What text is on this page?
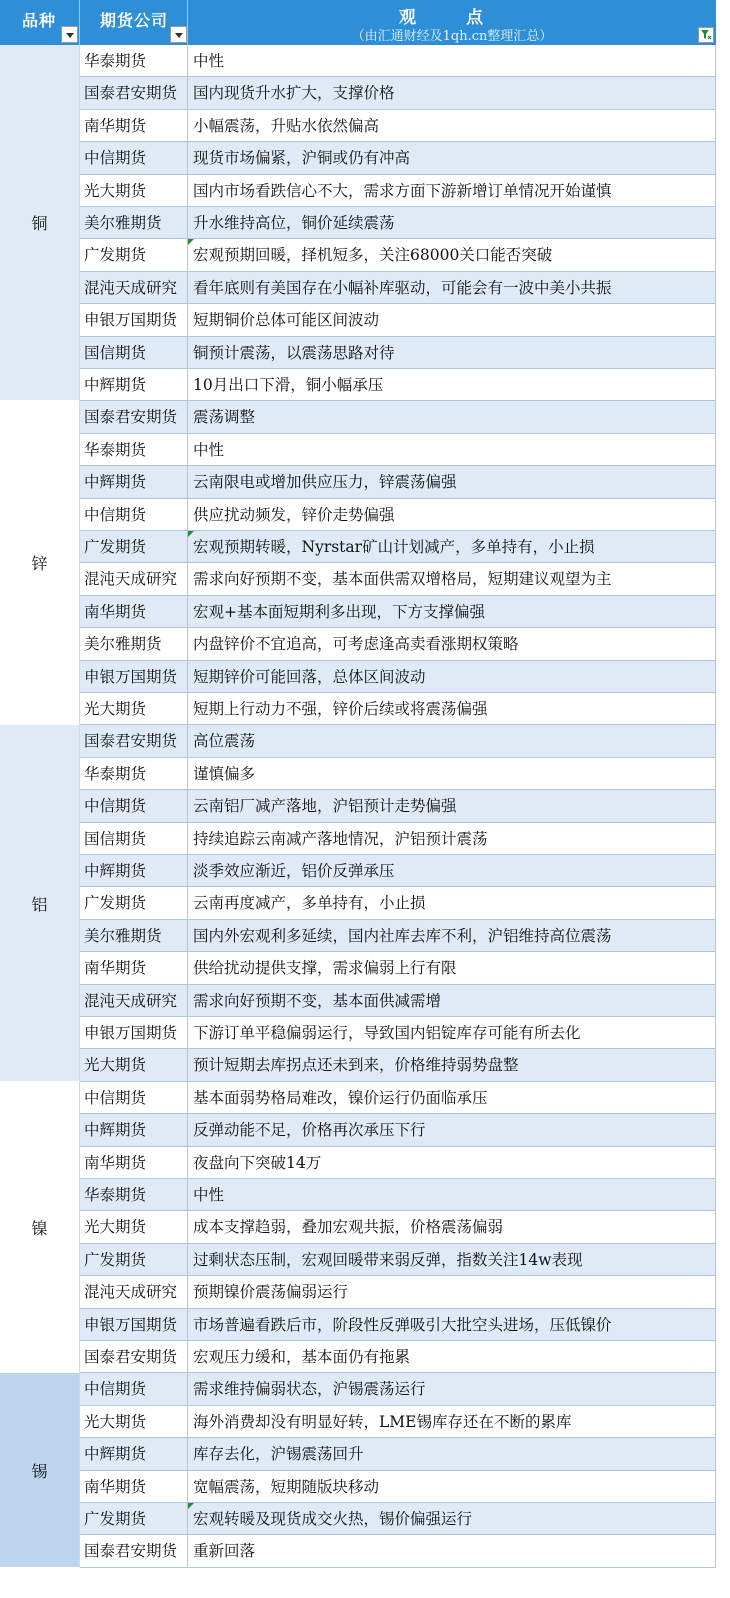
品种	期货公司	观 点
（由汇通财经及1qh.cn整理汇总）
铜
华泰期货	中性
国泰君安期货	国内现货升水扩大，支撑价格
南华期货	小幅震荡，升贴水依然偏高
中信期货	现货市场偏紧，沪铜或仍有冲高
光大期货	国内市场看跌信心不大，需求方面下游新增订单情况开始谨慎
美尔雅期货	升水维持高位，铜价延续震荡
广发期货	宏观预期回暖，择机短多，关注68000关口能否突破
混沌天成研究	看年底则有美国存在小幅补库驱动，可能会有一波中美小共振
申银万国期货	短期铜价总体可能区间波动
国信期货	铜预计震荡，以震荡思路对待
中辉期货	10月出口下滑，铜小幅承压
锌
国泰君安期货	震荡调整
华泰期货	中性
中辉期货	云南限电或增加供应压力，锌震荡偏强
中信期货	供应扰动频发，锌价走势偏强
广发期货	宏观预期转暖，Nyrstar矿山计划减产，多单持有，小止损
混沌天成研究	需求向好预期不变，基本面供需双增格局，短期建议观望为主
南华期货	宏观+基本面短期利多出现，下方支撑偏强
美尔雅期货	内盘锌价不宜追高，可考虑逢高卖看涨期权策略
申银万国期货	短期锌价可能回落，总体区间波动
光大期货	短期上行动力不强，锌价后续或将震荡偏强
铝
国泰君安期货	高位震荡
华泰期货	谨慎偏多
中信期货	云南铝厂减产落地，沪铝预计走势偏强
国信期货	持续追踪云南减产落地情况，沪铝预计震荡
中辉期货	淡季效应渐近，铝价反弹承压
广发期货	云南再度减产，多单持有，小止损
美尔雅期货	国内外宏观利多延续，国内社库去库不利，沪铝维持高位震荡
南华期货	供给扰动提供支撑，需求偏弱上行有限
混沌天成研究	需求向好预期不变，基本面供减需增
申银万国期货	下游订单平稳偏弱运行，导致国内铝锭库存可能有所去化
光大期货	预计短期去库拐点还未到来，价格维持弱势盘整
镍
中信期货	基本面弱势格局难改，镍价运行仍面临承压
中辉期货	反弹动能不足，价格再次承压下行
南华期货	夜盘向下突破14万
华泰期货	中性
光大期货	成本支撑趋弱，叠加宏观共振，价格震荡偏弱
广发期货	过剩状态压制，宏观回暖带来弱反弹，指数关注14w表现
混沌天成研究	预期镍价震荡偏弱运行
申银万国期货	市场普遍看跌后市，阶段性反弹吸引大批空头进场，压低镍价
国泰君安期货	宏观压力缓和，基本面仍有拖累
锡
中信期货	需求维持偏弱状态，沪锡震荡运行
光大期货	海外消费却没有明显好转，LME锡库存还在不断的累库
中辉期货	库存去化，沪锡震荡回升
南华期货	宽幅震荡，短期随版块移动
广发期货	宏观转暖及现货成交火热，锡价偏强运行
国泰君安期货	重新回落
